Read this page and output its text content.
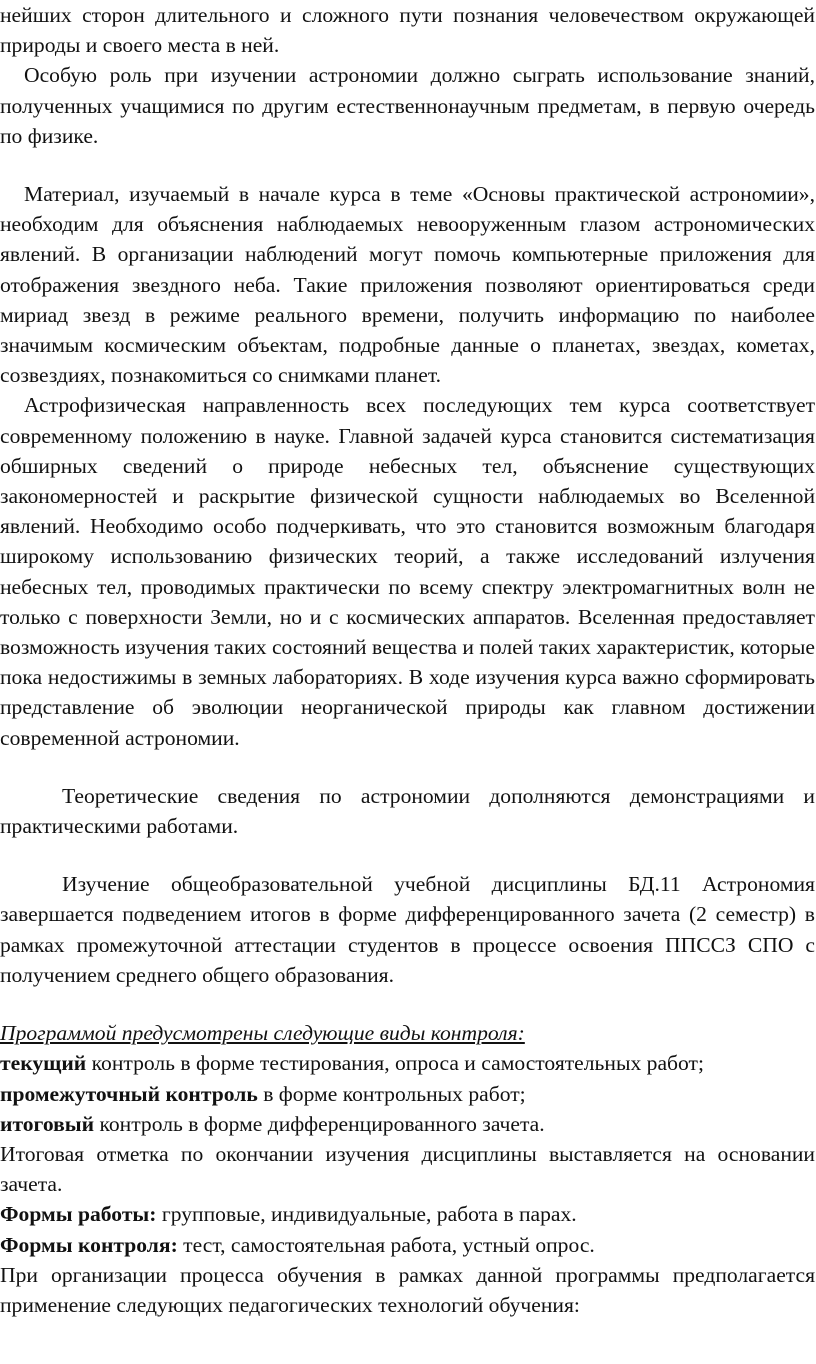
нейших сторон длительного и сложного пути познания человечеством окружающей природы и своего места в ней.

Особую роль при изучении астрономии должно сыграть использование знаний, полученных учащимися по другим естественнонаучным предметам, в первую очередь по физике.

Материал, изучаемый в начале курса в теме «Основы практической астрономии», необходим для объяснения наблюдаемых невооруженным глазом астрономических явлений. В организации наблюдений могут помочь компьютерные приложения для отображения звездного неба. Такие приложения позволяют ориентироваться среди мириад звезд в режиме реального времени, получить информацию по наиболее значимым космическим объектам, подробные данные о планетах, звездах, кометах, созвездиях, познакомиться со снимками планет.

Астрофизическая направленность всех последующих тем курса соответствует современному положению в науке. Главной задачей курса становится систематизация обширных сведений о природе небесных тел, объяснение существующих закономерностей и раскрытие физической сущности наблюдаемых во Вселенной явлений. Необходимо особо подчеркивать, что это становится возможным благодаря широкому использованию физических теорий, а также исследований излучения небесных тел, проводимых практически по всему спектру электромагнитных волн не только с поверхности Земли, но и с космических аппаратов. Вселенная предоставляет возможность изучения таких состояний вещества и полей таких характеристик, которые пока недостижимы в земных лабораториях. В ходе изучения курса важно сформировать представление об эволюции неорганической природы как главном достижении современной астрономии.

Теоретические сведения по астрономии дополняются демонстрациями и практическими работами.

Изучение общеобразовательной учебной дисциплины БД.11 Астрономия завершается подведением итогов в форме дифференцированного зачета (2 семестр) в рамках промежуточной аттестации студентов в процессе освоения ППССЗ СПО с получением среднего общего образования.

Программой предусмотрены следующие виды контроля:

текущий контроль в форме тестирования, опроса и самостоятельных работ;

промежуточный контроль в форме контрольных работ;

итоговый контроль в форме дифференцированного зачета.

Итоговая отметка по окончании изучения дисциплины выставляется на основании зачета.

Формы работы: групповые, индивидуальные, работа в парах.

Формы контроля: тест, самостоятельная работа, устный опрос.

При организации процесса обучения в рамках данной программы предполагается применение следующих педагогических технологий обучения:
